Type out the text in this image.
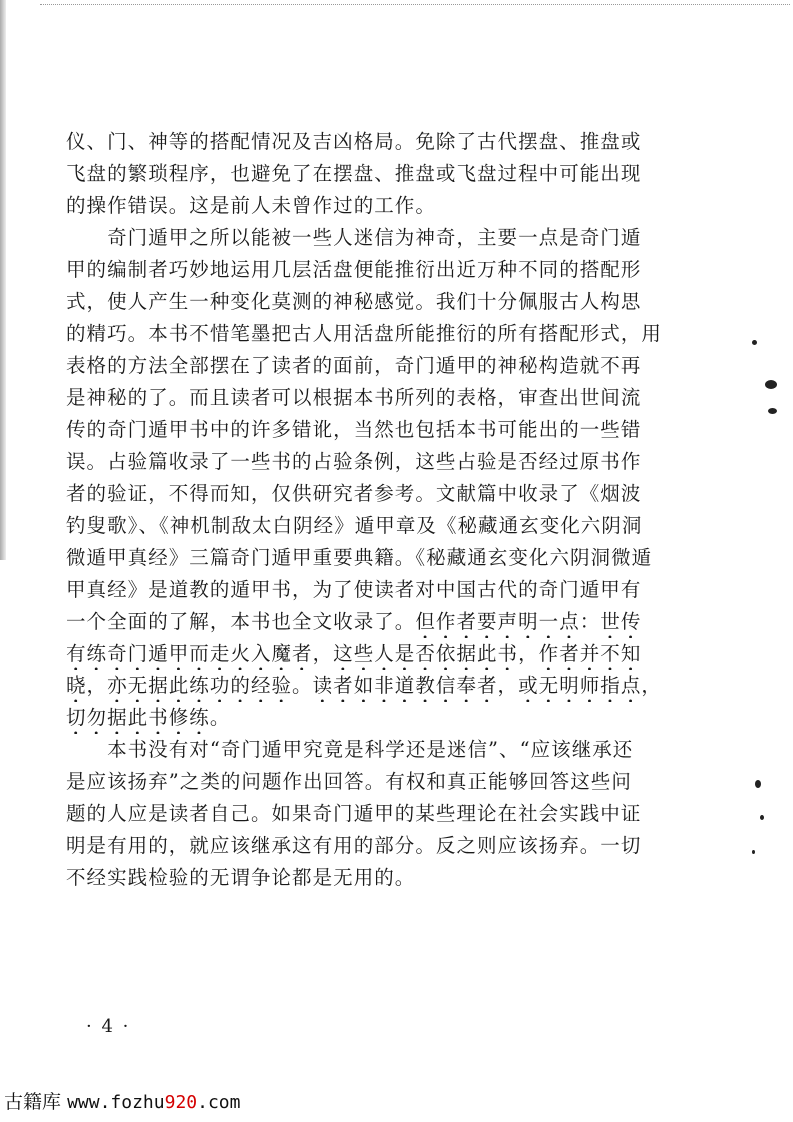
仪、门、神等的搭配情况及吉凶格局。免除了古代摆盘、推盘或
飞盘的繁琐程序，也避免了在摆盘、推盘或飞盘过程中可能出现
的操作错误。这是前人未曾作过的工作。
　　奇门遁甲之所以能被一些人迷信为神奇，主要一点是奇门遁
甲的编制者巧妙地运用几层活盘便能推衍出近万种不同的搭配形
式，使人产生一种变化莫测的神秘感觉。我们十分佩服古人构思
的精巧。本书不惜笔墨把古人用活盘所能推衍的所有搭配形式，用
表格的方法全部摆在了读者的面前，奇门遁甲的神秘构造就不再
是神秘的了。而且读者可以根据本书所列的表格，审查出世间流
传的奇门遁甲书中的许多错讹，当然也包括本书可能出的一些错
误。占验篇收录了一些书的占验条例，这些占验是否经过原书作
者的验证，不得而知，仅供研究者参考。文献篇中收录了《烟波
钓叟歌》、《神机制敌太白阴经》遁甲章及《秘藏通玄变化六阴洞
微遁甲真经》三篇奇门遁甲重要典籍。《秘藏通玄变化六阴洞微遁
甲真经》是道教的遁甲书，为了使读者对中国古代的奇门遁甲有
一个全面的了解，本书也全文收录了。但作者要声明一点：世传
有练奇门遁甲而走火入魔者，这些人是否依据此书，作者并不知
晓，亦无据此练功的经验。读者如非道教信奉者，或无明师指点，
切勿据此书修练。
　　本书没有对“奇门遁甲究竟是科学还是迷信”、“应该继承还
是应该扬弃”之类的问题作出回答。有权和真正能够回答这些问
题的人应是读者自己。如果奇门遁甲的某些理论在社会实践中证
明是有用的，就应该继承这有用的部分。反之则应该扬弃。一切
不经实践检验的无谓争论都是无用的。
· 4 ·
古籍库 www.fozhu920.com
